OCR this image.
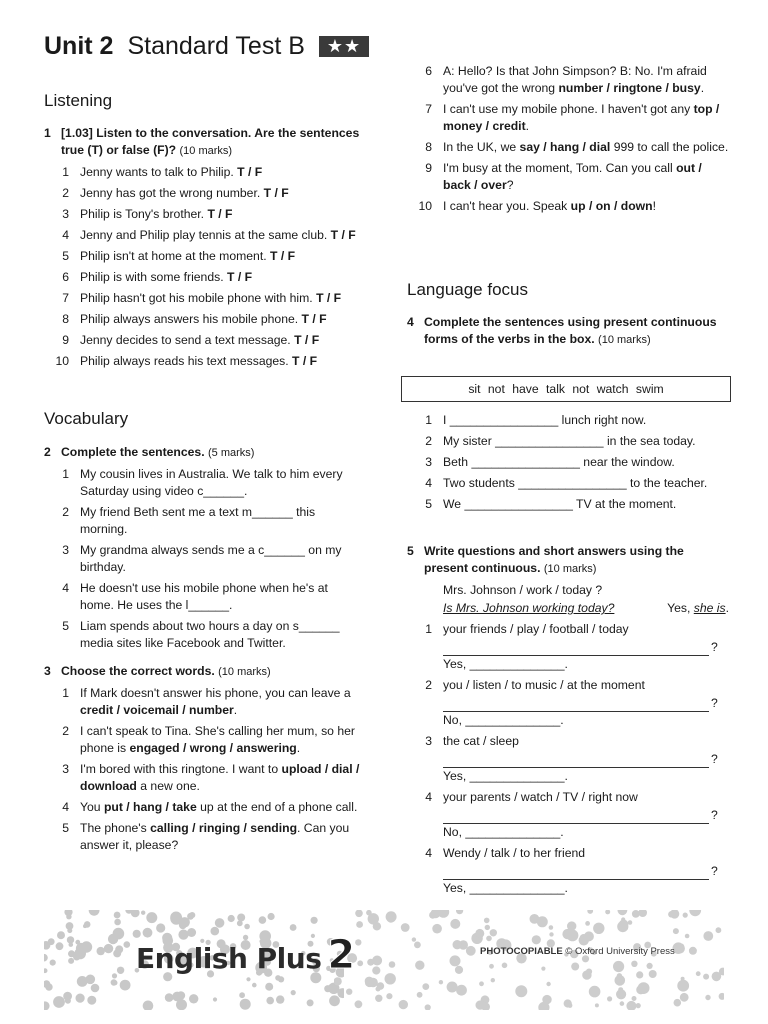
Unit 2 Standard Test B	★★
Listening
1 [1.03] Listen to the conversation. Are the sentences true (T) or false (F)? (10 marks)
1 Jenny wants to talk to Philip. T / F
2 Jenny has got the wrong number. T / F
3 Philip is Tony's brother. T / F
4 Jenny and Philip play tennis at the same club. T / F
5 Philip isn't at home at the moment. T / F
6 Philip is with some friends. T / F
7 Philip hasn't got his mobile phone with him. T / F
8 Philip always answers his mobile phone. T / F
9 Jenny decides to send a text message. T / F
10 Philip always reads his text messages. T / F
Vocabulary
2 Complete the sentences. (5 marks)
1 My cousin lives in Australia. We talk to him every Saturday using video c______.
2 My friend Beth sent me a text m______ this morning.
3 My grandma always sends me a c______ on my birthday.
4 He doesn't use his mobile phone when he's at home. He uses the l______.
5 Liam spends about two hours a day on s______ media sites like Facebook and Twitter.
3 Choose the correct words. (10 marks)
1 If Mark doesn't answer his phone, you can leave a credit / voicemail / number.
2 I can't speak to Tina. She's calling her mum, so her phone is engaged / wrong / answering.
3 I'm bored with this ringtone. I want to upload / dial / download a new one.
4 You put / hang / take up at the end of a phone call.
5 The phone's calling / ringing / sending. Can you answer it, please?
6 A: Hello? Is that John Simpson? B: No. I'm afraid you've got the wrong number / ringtone / busy.
7 I can't use my mobile phone. I haven't got any top / money / credit.
8 In the UK, we say / hang / dial 999 to call the police.
9 I'm busy at the moment, Tom. Can you call out / back / over?
10 I can't hear you. Speak up / on / down!
Language focus
4 Complete the sentences using present continuous forms of the verbs in the box. (10 marks)
sit not have talk not watch swim
1 I ________________ lunch right now.
2 My sister ________________ in the sea today.
3 Beth ________________ near the window.
4 Two students ________________ to the teacher.
5 We ________________ TV at the moment.
5 Write questions and short answers using the present continuous. (10 marks)
Mrs. Johnson / work / today ?
Is Mrs. Johnson working today?	Yes, she is.
1 your friends / play / football / today
?
Yes, ______________.
2 you / listen / to music / at the moment
?
No, ______________.
3 the cat / sleep
?
Yes, ______________.
4 your parents / watch / TV / right now
?
No, ______________.
4 Wendy / talk / to her friend
?
Yes, ______________.
English Plus 2	PHOTOCOPIABLE © Oxford University Press
